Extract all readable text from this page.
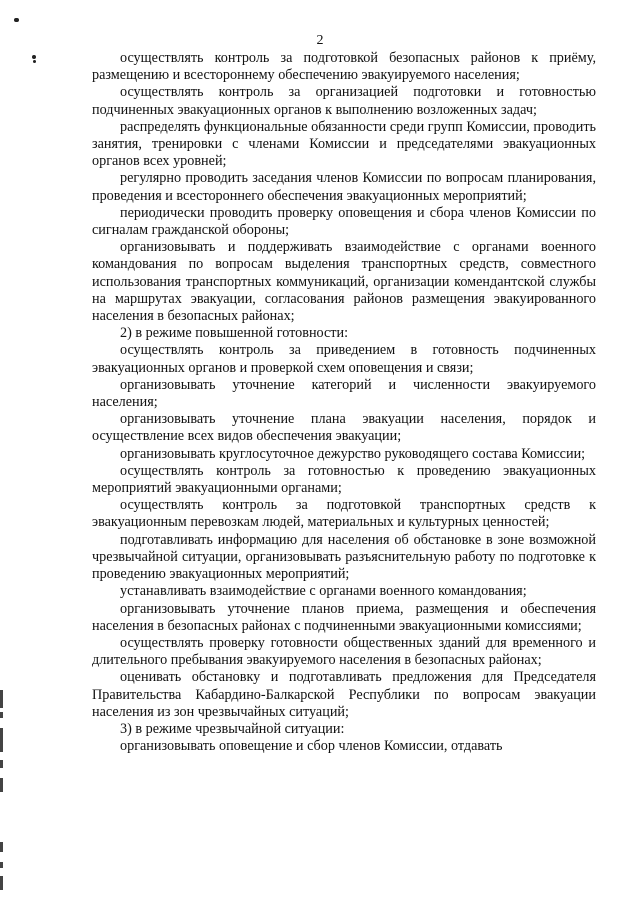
2

осуществлять контроль за подготовкой безопасных районов к приёму, размещению и всестороннему обеспечению эвакуируемого населения;

осуществлять контроль за организацией подготовки и готовностью подчиненных эвакуационных органов к выполнению возложенных задач;

распределять функциональные обязанности среди групп Комиссии, проводить занятия, тренировки с членами Комиссии и председателями эвакуационных органов всех уровней;

регулярно проводить заседания членов Комиссии по вопросам планирования, проведения и всестороннего обеспечения эвакуационных мероприятий;

периодически проводить проверку оповещения и сбора членов Комиссии по сигналам гражданской обороны;

организовывать и поддерживать взаимодействие с органами военного командования по вопросам выделения транспортных средств, совместного использования транспортных коммуникаций, организации комендантской службы на маршрутах эвакуации, согласования районов размещения эвакуированного населения в безопасных районах;

2) в режиме повышенной готовности:

осуществлять контроль за приведением в готовность подчиненных эвакуационных органов и проверкой схем оповещения и связи;

организовывать уточнение категорий и численности эвакуируемого населения;

организовывать уточнение плана эвакуации населения, порядок и осуществление всех видов обеспечения эвакуации;

организовывать круглосуточное дежурство руководящего состава Комиссии;

осуществлять контроль за готовностью к проведению эвакуационных мероприятий эвакуационными органами;

осуществлять контроль за подготовкой транспортных средств к эвакуационным перевозкам людей, материальных и культурных ценностей;

подготавливать информацию для населения об обстановке в зоне возможной чрезвычайной ситуации, организовывать разъяснительную работу по подготовке к проведению эвакуационных мероприятий;

устанавливать взаимодействие с органами военного командования;

организовывать уточнение планов приема, размещения и обеспечения населения в безопасных районах с подчиненными эвакуационными комиссиями;

осуществлять проверку готовности общественных зданий для временного и длительного пребывания эвакуируемого населения в безопасных районах;

оценивать обстановку и подготавливать предложения для Председателя Правительства Кабардино-Балкарской Республики по вопросам эвакуации населения из зон чрезвычайных ситуаций;

3) в режиме чрезвычайной ситуации:

организовывать оповещение и сбор членов Комиссии, отдавать
